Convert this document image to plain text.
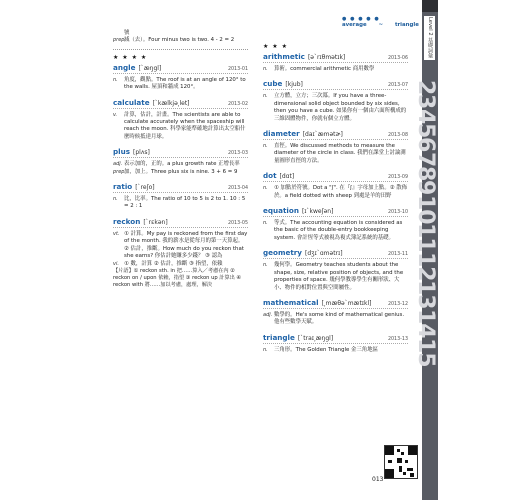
● ● ● ● ●
average ~ triangle
號
prep.
減（去）。Four minus two is two. 4 - 2 = 2
★ ★ ★ ★
angle [ˋæŋgl]	2013-01
n.	角度，觀點。The roof is at an angle of 120° to the walls. 屋頂和牆成 120°。
calculate [ˋkælkjə͵let]	2013-02
v.	計算，估計，計畫。The scientists are able to calculate accurately when the spaceship will reach the moon. 科學家能準確地計算出太空船什麼時候抵達月球。
plus [plʌs]	2013-03
adj. 表示加的，正的。a plus growth rate 正增長率
prep.
加，加上。Three plus six is nine. 3 + 6 = 9
ratio [ˋreʃo]	2013-04
n.	比，比率。The ratio of 10 to 5 is 2 to 1. 10 : 5 = 2 : 1
reckon [ˋrɛkən]	2013-05
vt. ① 計算。My pay is reckoned from the first day of the month. 我的薪水是從每月的第一天算起。② 估計，推斷。How much do you reckon that she earns? 你估計她賺多少錢？ ③ 認為
vi. ① 數，計算 ② 估計，推斷 ③ 指望，依賴
【片語】① reckon sth. in 把……算入／考慮在內 ② reckon on / upon 依賴，指望 ③ reckon up 計算出 ④ reckon with 將……加以考慮，處理，解決
★ ★ ★
arithmetic [əˋrɪθmətɪk]	2013-06
n.	算術。commercial arithmetic 商用數學
cube [kjub]	2013-07
n.	立方體，立方；三次冪。If you have a three-dimensional solid object bounded by six sides, then you have a cube. 如果你有一個由六面所構成的三維固體物件，你就有個立方體。
diameter [daɪˋæmətɚ]	2013-08
n.	直徑。We discussed methods to measure the diameter of the circle in class. 我們在課堂上討論測量圓形直徑的方法。
dot [dɑt]	2013-09
n.	① 加點於符號。Dot a "ʃ". 在『ʃ』字母加上點。② 散佈於。a field dotted with sheep 到處是羊的田野
equation [ɪˋkweʃən]	2013-10
n.	等式。The accounting equation is considered as the basic of the double-entry bookkeeping system. 會計恆等式被視為複式簿記系統的基礎。
geometry [dʒɪˋɑmətrɪ]	2013-11
n.	幾何學。Geometry teaches students about the shape, size, relative position of objects, and the properties of space. 幾何學教導學生有關形狀、大小、物件的相對位置與空間屬性。
mathematical [͵mæθəˋmætɪkl]	2013-12
adj. 數學的。He's some kind of mathematical genius. 他有些數學天賦。
triangle [ˋtraɪ͵æŋgl]	2013-13
n.	三角形。The Golden Triangle 金三角地區
Level 2 基礎詞彙
2
3
4
5
6
7
8
9
10
11
12
13
14
15
013
